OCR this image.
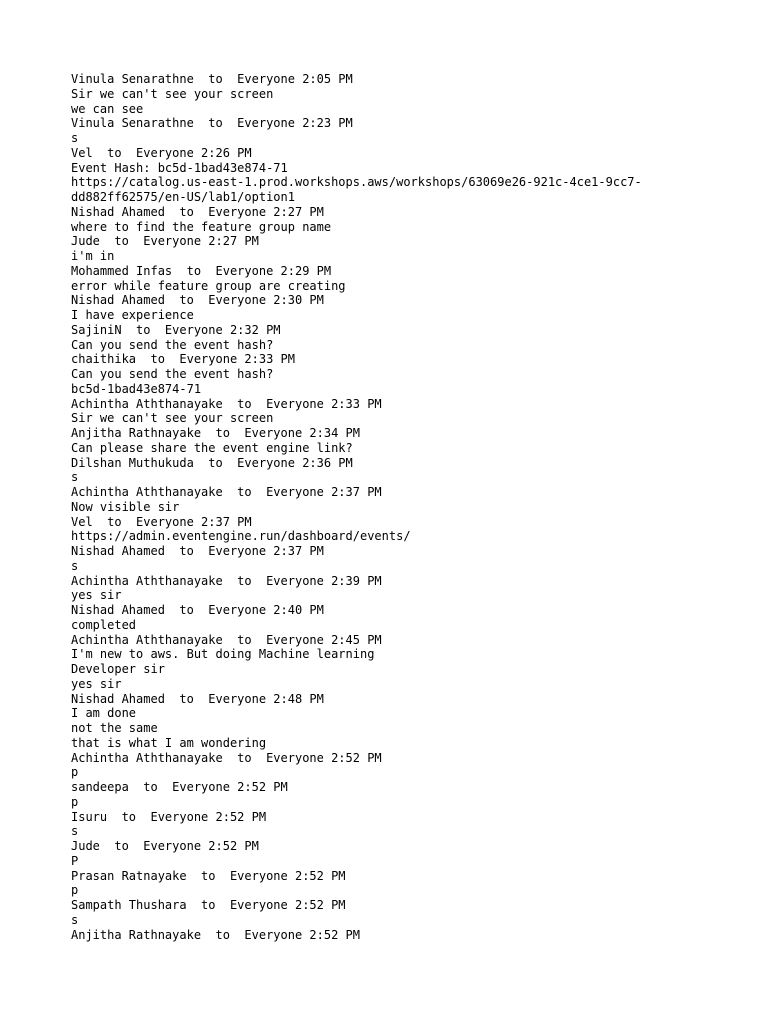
Vinula Senarathne  to  Everyone 2:05 PM
Sir we can't see your screen
we can see
Vinula Senarathne  to  Everyone 2:23 PM
s
Vel  to  Everyone 2:26 PM
Event Hash: bc5d-1bad43e874-71
https://catalog.us-east-1.prod.workshops.aws/workshops/63069e26-921c-4ce1-9cc7-
dd882ff62575/en-US/lab1/option1
Nishad Ahamed  to  Everyone 2:27 PM
where to find the feature group name
Jude  to  Everyone 2:27 PM
i'm in
Mohammed Infas  to  Everyone 2:29 PM
error while feature group are creating
Nishad Ahamed  to  Everyone 2:30 PM
I have experience
SajiniN  to  Everyone 2:32 PM
Can you send the event hash?
chaithika  to  Everyone 2:33 PM
Can you send the event hash?
bc5d-1bad43e874-71
Achintha Aththanayake  to  Everyone 2:33 PM
Sir we can't see your screen
Anjitha Rathnayake  to  Everyone 2:34 PM
Can please share the event engine link?
Dilshan Muthukuda  to  Everyone 2:36 PM
s
Achintha Aththanayake  to  Everyone 2:37 PM
Now visible sir
Vel  to  Everyone 2:37 PM
https://admin.eventengine.run/dashboard/events/
Nishad Ahamed  to  Everyone 2:37 PM
s
Achintha Aththanayake  to  Everyone 2:39 PM
yes sir
Nishad Ahamed  to  Everyone 2:40 PM
completed
Achintha Aththanayake  to  Everyone 2:45 PM
I'm new to aws. But doing Machine learning
Developer sir
yes sir
Nishad Ahamed  to  Everyone 2:48 PM
I am done
not the same
that is what I am wondering
Achintha Aththanayake  to  Everyone 2:52 PM
p
sandeepa  to  Everyone 2:52 PM
p
Isuru  to  Everyone 2:52 PM
s
Jude  to  Everyone 2:52 PM
P
Prasan Ratnayake  to  Everyone 2:52 PM
p
Sampath Thushara  to  Everyone 2:52 PM
s
Anjitha Rathnayake  to  Everyone 2:52 PM
